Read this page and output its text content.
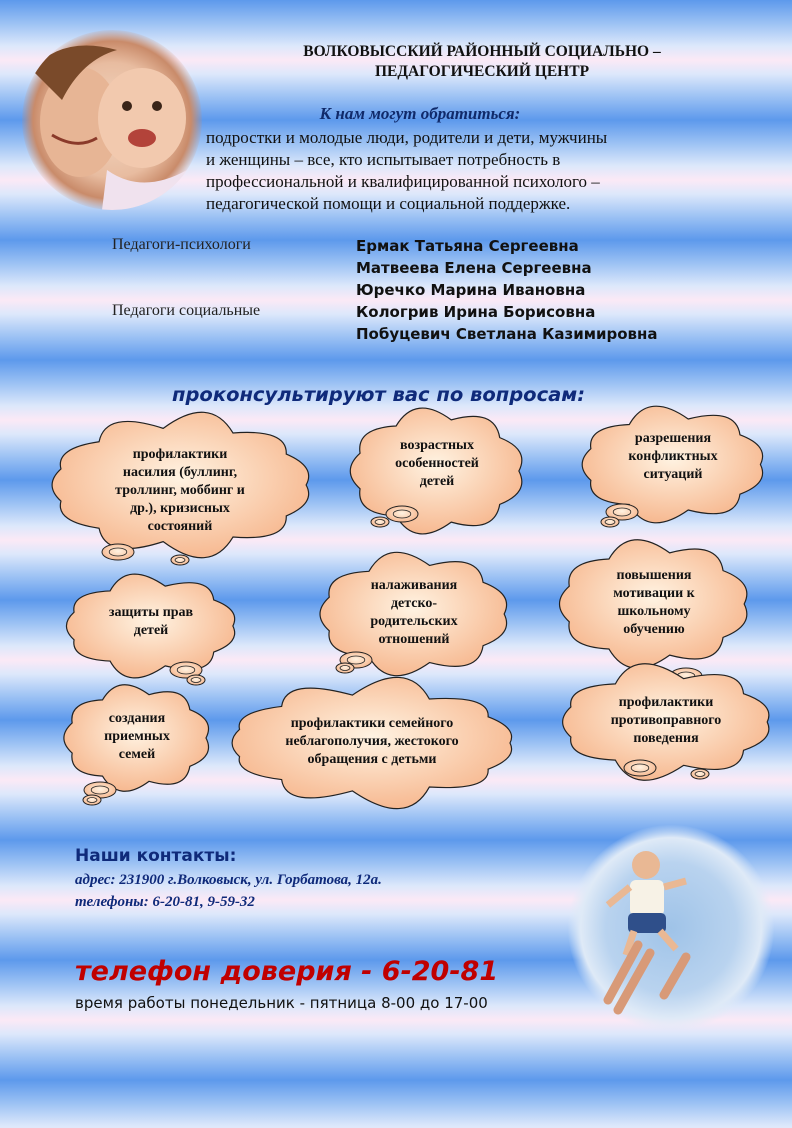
ВОЛКОВЫССКИЙ РАЙОННЫЙ СОЦИАЛЬНО –
ПЕДАГОГИЧЕСКИЙ ЦЕНТР
К нам могут обратиться:
подростки и молодые люди, родители и дети, мужчины
и женщины – все, кто испытывает потребность в
профессиональной и квалифицированной психолого –
педагогической помощи и социальной поддержке.
Педагоги-психологи
Педагоги социальные
Ермак Татьяна Сергеевна
Матвеева Елена Сергеевна
Юречко Марина Ивановна
Кологрив Ирина Борисовна
Побуцевич Светлана Казимировна
проконсультируют вас по вопросам:
профилактики
насилия (буллинг,
троллинг, моббинг и
др.), кризисных
состояний
возрастных
особенностей
детей
разрешения
конфликтных
ситуаций
защиты прав
детей
налаживания
детско-
родительских
отношений
повышения
мотивации к
школьному
обучению
создания
приемных
семей
профилактики семейного
неблагополучия, жестокого
обращения с детьми
профилактики
противоправного
поведения
Наши контакты:
адрес: 231900 г.Волковыск, ул. Горбатова, 12а.
телефоны: 6-20-81, 9-59-32
телефон доверия - 6-20-81
время работы понедельник - пятница 8-00 до 17-00
